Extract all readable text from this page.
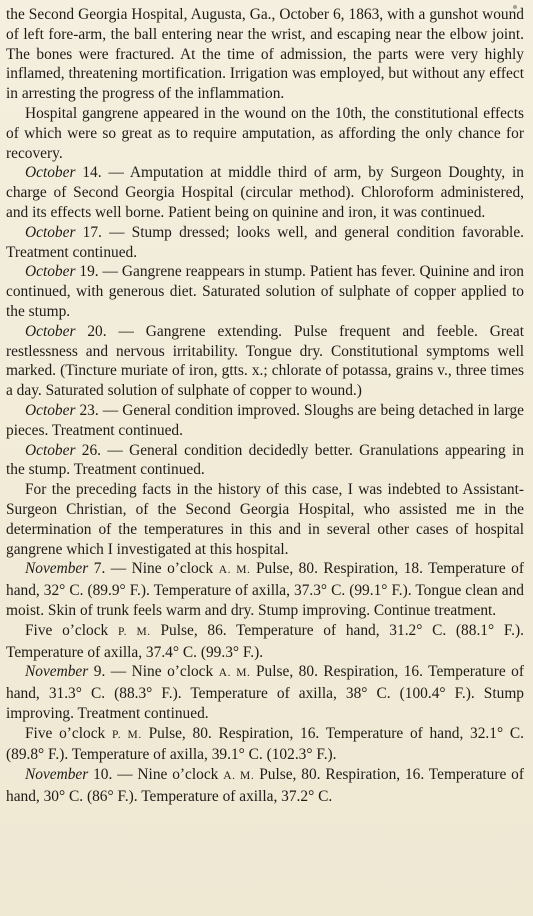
the Second Georgia Hospital, Augusta, Ga., October 6, 1863, with a gunshot wound of left fore-arm, the ball entering near the wrist, and escaping near the elbow joint. The bones were fractured. At the time of admission, the parts were very highly inflamed, threatening mortification. Irrigation was employed, but without any effect in arresting the progress of the inflammation.

Hospital gangrene appeared in the wound on the 10th, the constitutional effects of which were so great as to require amputation, as affording the only chance for recovery.

October 14. — Amputation at middle third of arm, by Surgeon Doughty, in charge of Second Georgia Hospital (circular method). Chloroform administered, and its effects well borne. Patient being on quinine and iron, it was continued.

October 17. — Stump dressed; looks well, and general condition favorable. Treatment continued.

October 19. — Gangrene reappears in stump. Patient has fever. Quinine and iron continued, with generous diet. Saturated solution of sulphate of copper applied to the stump.

October 20. — Gangrene extending. Pulse frequent and feeble. Great restlessness and nervous irritability. Tongue dry. Constitutional symptoms well marked. (Tincture muriate of iron, gtts. x.; chlorate of potassa, grains v., three times a day. Saturated solution of sulphate of copper to wound.)

October 23. — General condition improved. Sloughs are being detached in large pieces. Treatment continued.

October 26. — General condition decidedly better. Granulations appearing in the stump. Treatment continued.

For the preceding facts in the history of this case, I was indebted to Assistant-Surgeon Christian, of the Second Georgia Hospital, who assisted me in the determination of the temperatures in this and in several other cases of hospital gangrene which I investigated at this hospital.

November 7. — Nine o’clock A. M. Pulse, 80. Respiration, 18. Temperature of hand, 32° C. (89.9° F.). Temperature of axilla, 37.3° C. (99.1° F.). Tongue clean and moist. Skin of trunk feels warm and dry. Stump improving. Continue treatment.

Five o’clock P. M. Pulse, 86. Temperature of hand, 31.2° C. (88.1° F.). Temperature of axilla, 37.4° C. (99.3° F.).

November 9. — Nine o’clock A. M. Pulse, 80. Respiration, 16. Temperature of hand, 31.3° C. (88.3° F.). Temperature of axilla, 38° C. (100.4° F.). Stump improving. Treatment continued.

Five o’clock P. M. Pulse, 80. Respiration, 16. Temperature of hand, 32.1° C. (89.8° F.). Temperature of axilla, 39.1° C. (102.3° F.).

November 10. — Nine o’clock A. M. Pulse, 80. Respiration, 16. Temperature of hand, 30° C. (86° F.). Temperature of axilla, 37.2° C.
